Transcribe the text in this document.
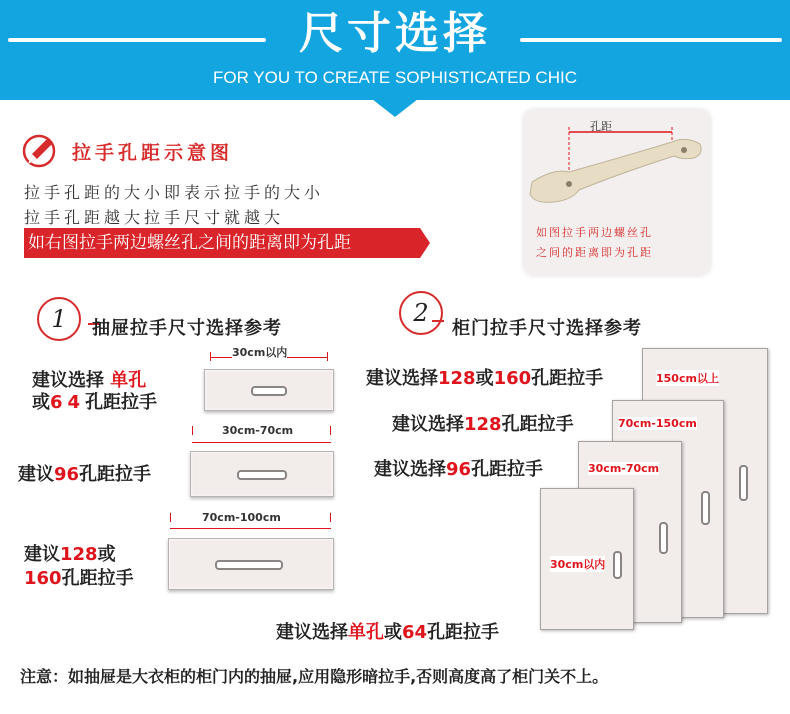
尺寸选择
FOR YOU TO CREATE SOPHISTICATED CHIC
拉手孔距示意图
拉手孔距的大小即表示拉手的大小
拉手孔距越大拉手尺寸就越大
如右图拉手两边螺丝孔之间的距离即为孔距
孔距
如图拉手两边螺丝孔
之间的距离即为孔距
1 抽屉拉手尺寸选择参考
30cm以内
建议选择 单孔
或64孔距拉手
30cm-70cm
建议96孔距拉手
70cm-100cm
建议128或
160孔距拉手
2
柜门拉手尺寸选择参考
150cm以上
70cm-150cm
30cm-70cm
30cm以内
建议选择128或160孔距拉手
建议选择128孔距拉手
建议选择96孔距拉手
建议选择单孔或64孔距拉手
注意：如抽屉是大衣柜的柜门内的抽屉,应用隐形暗拉手,否则高度高了柜门关不上。
